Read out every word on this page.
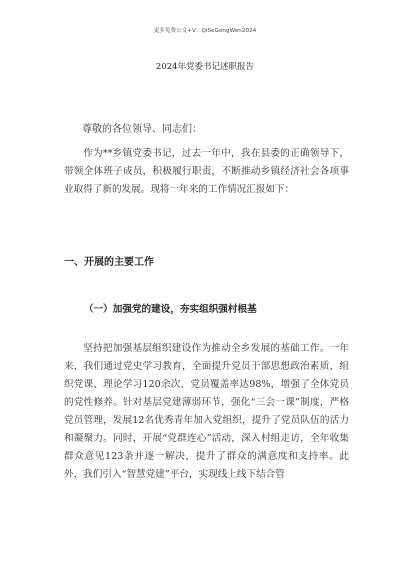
更多免费公文+V：QiSeGongWen2024
2024年党委书记述职报告
尊敬的各位领导、同志们：

作为**乡镇党委书记，过去一年中，我在县委的正确领导下，带领全体班子成员，积极履行职责，不断推动乡镇经济社会各项事业取得了新的发展。现将一年来的工作情况汇报如下：

一、开展的主要工作
（一）加强党的建设，夯实组织强村根基

坚持把加强基层组织建设作为推动全乡发展的基础工作。一年来，我们通过党史学习教育，全面提升党员干部思想政治素质，组织党课、理论学习120余次，党员覆盖率达98%，增强了全体党员的党性修养。针对基层党建薄弱环节，强化“三会一课”制度，严格党员管理，发展12名优秀青年加入党组织，提升了党员队伍的活力和凝聚力。同时，开展“党群连心”活动，深入村组走访，全年收集群众意见123条并逐一解决，提升了群众的满意度和支持率。此外，我们引入“智慧党建”平台，实现线上线下结合管
